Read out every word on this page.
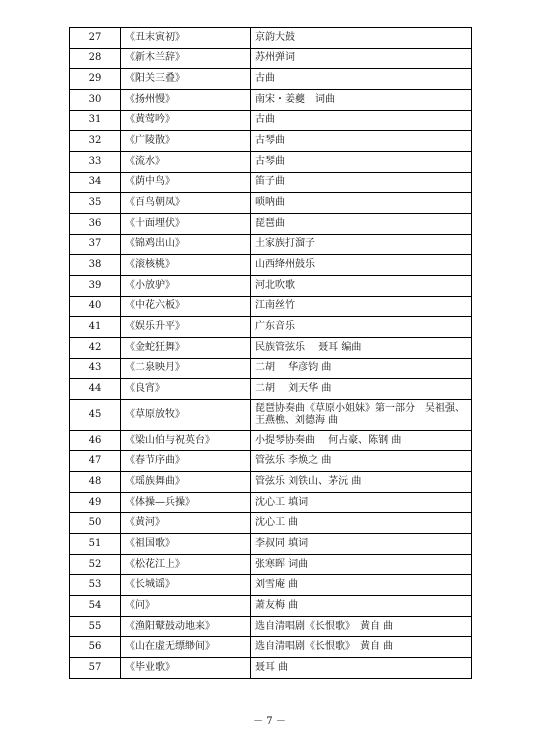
27	《丑末寅初》	京韵大鼓
28	《新木兰辞》	苏州弹词
29	《阳关三叠》	古曲
30	《扬州慢》	南宋・姜夔　词曲
31	《黄莺吟》	古曲
32	《广陵散》	古琴曲
33	《流水》	古琴曲
34	《荫中鸟》	笛子曲
35	《百鸟朝凤》	唢呐曲
36	《十面埋伏》	琵琶曲
37	《锦鸡出山》	土家族打溜子
38	《滚核桃》	山西绛州鼓乐
39	《小放驴》	河北吹歌
40	《中花六板》	江南丝竹
41	《娱乐升平》	广东音乐
42	《金蛇狂舞》	民族管弦乐　 聂耳 编曲
43	《二泉映月》	二胡　 华彦钧 曲
44	《良宵》	二胡　 刘天华 曲
45	《草原放牧》	琵琶协奏曲《草原小姐妹》第一部分　吴祖强、王燕樵、刘德海 曲
46	《梁山伯与祝英台》	小提琴协奏曲　 何占豪、陈钢 曲
47	《春节序曲》	管弦乐 李焕之 曲
48	《瑶族舞曲》	管弦乐 刘铁山、茅沅 曲
49	《体操—兵操》	沈心工 填词
50	《黄河》	沈心工 曲
51	《祖国歌》	李叔同 填词
52	《松花江上》	张寒晖 词曲
53	《长城谣》	刘雪庵 曲
54	《问》	萧友梅 曲
55	《渔阳鼙鼓动地来》	选自清唱剧《长恨歌》　黄自 曲
56	《山在虚无缥缈间》	选自清唱剧《长恨歌》　黄自 曲
57	《毕业歌》	聂耳 曲
－ 7 －
